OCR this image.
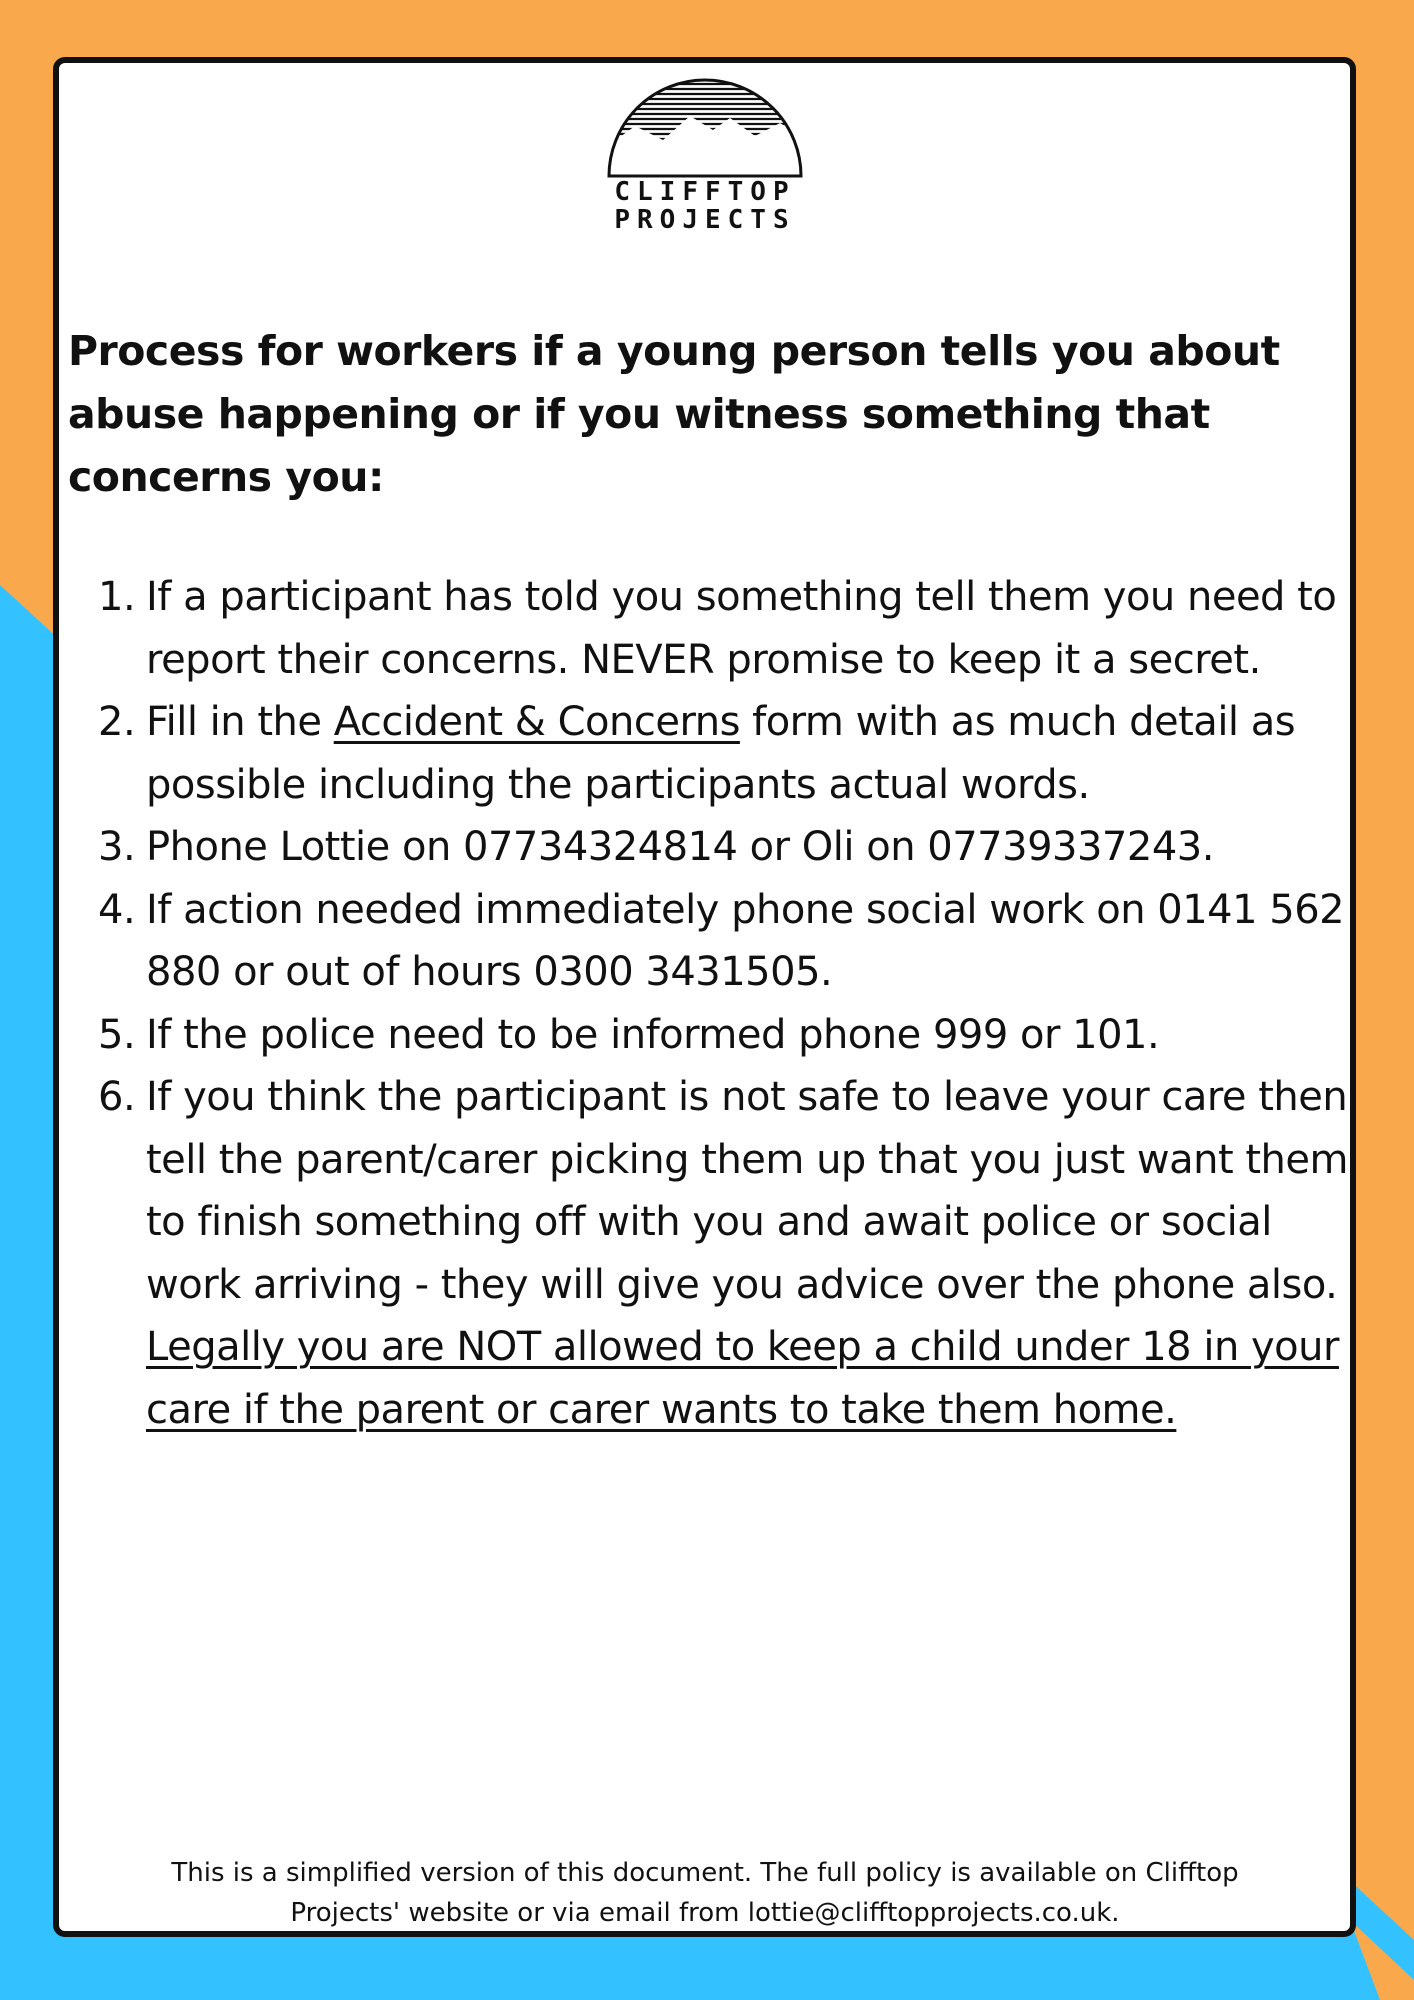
CLIFFTOP
PROJECTS
Process for workers if a young person tells you about abuse happening or if you witness something that concerns you:
1. If a participant has told you something tell them you need to report their concerns. NEVER promise to keep it a secret.
2. Fill in the Accident & Concerns form with as much detail as possible including the participants actual words.
3. Phone Lottie on 07734324814 or Oli on 07739337243.
4. If action needed immediately phone social work on 0141 562 880 or out of hours 0300 3431505.
5. If the police need to be informed phone 999 or 101.
6. If you think the participant is not safe to leave your care then tell the parent/carer picking them up that you just want them to finish something off with you and await police or social work arriving - they will give you advice over the phone also. Legally you are NOT allowed to keep a child under 18 in your care if the parent or carer wants to take them home.
This is a simplified version of this document. The full policy is available on Clifftop
Projects' website or via email from lottie@clifftopprojects.co.uk.
